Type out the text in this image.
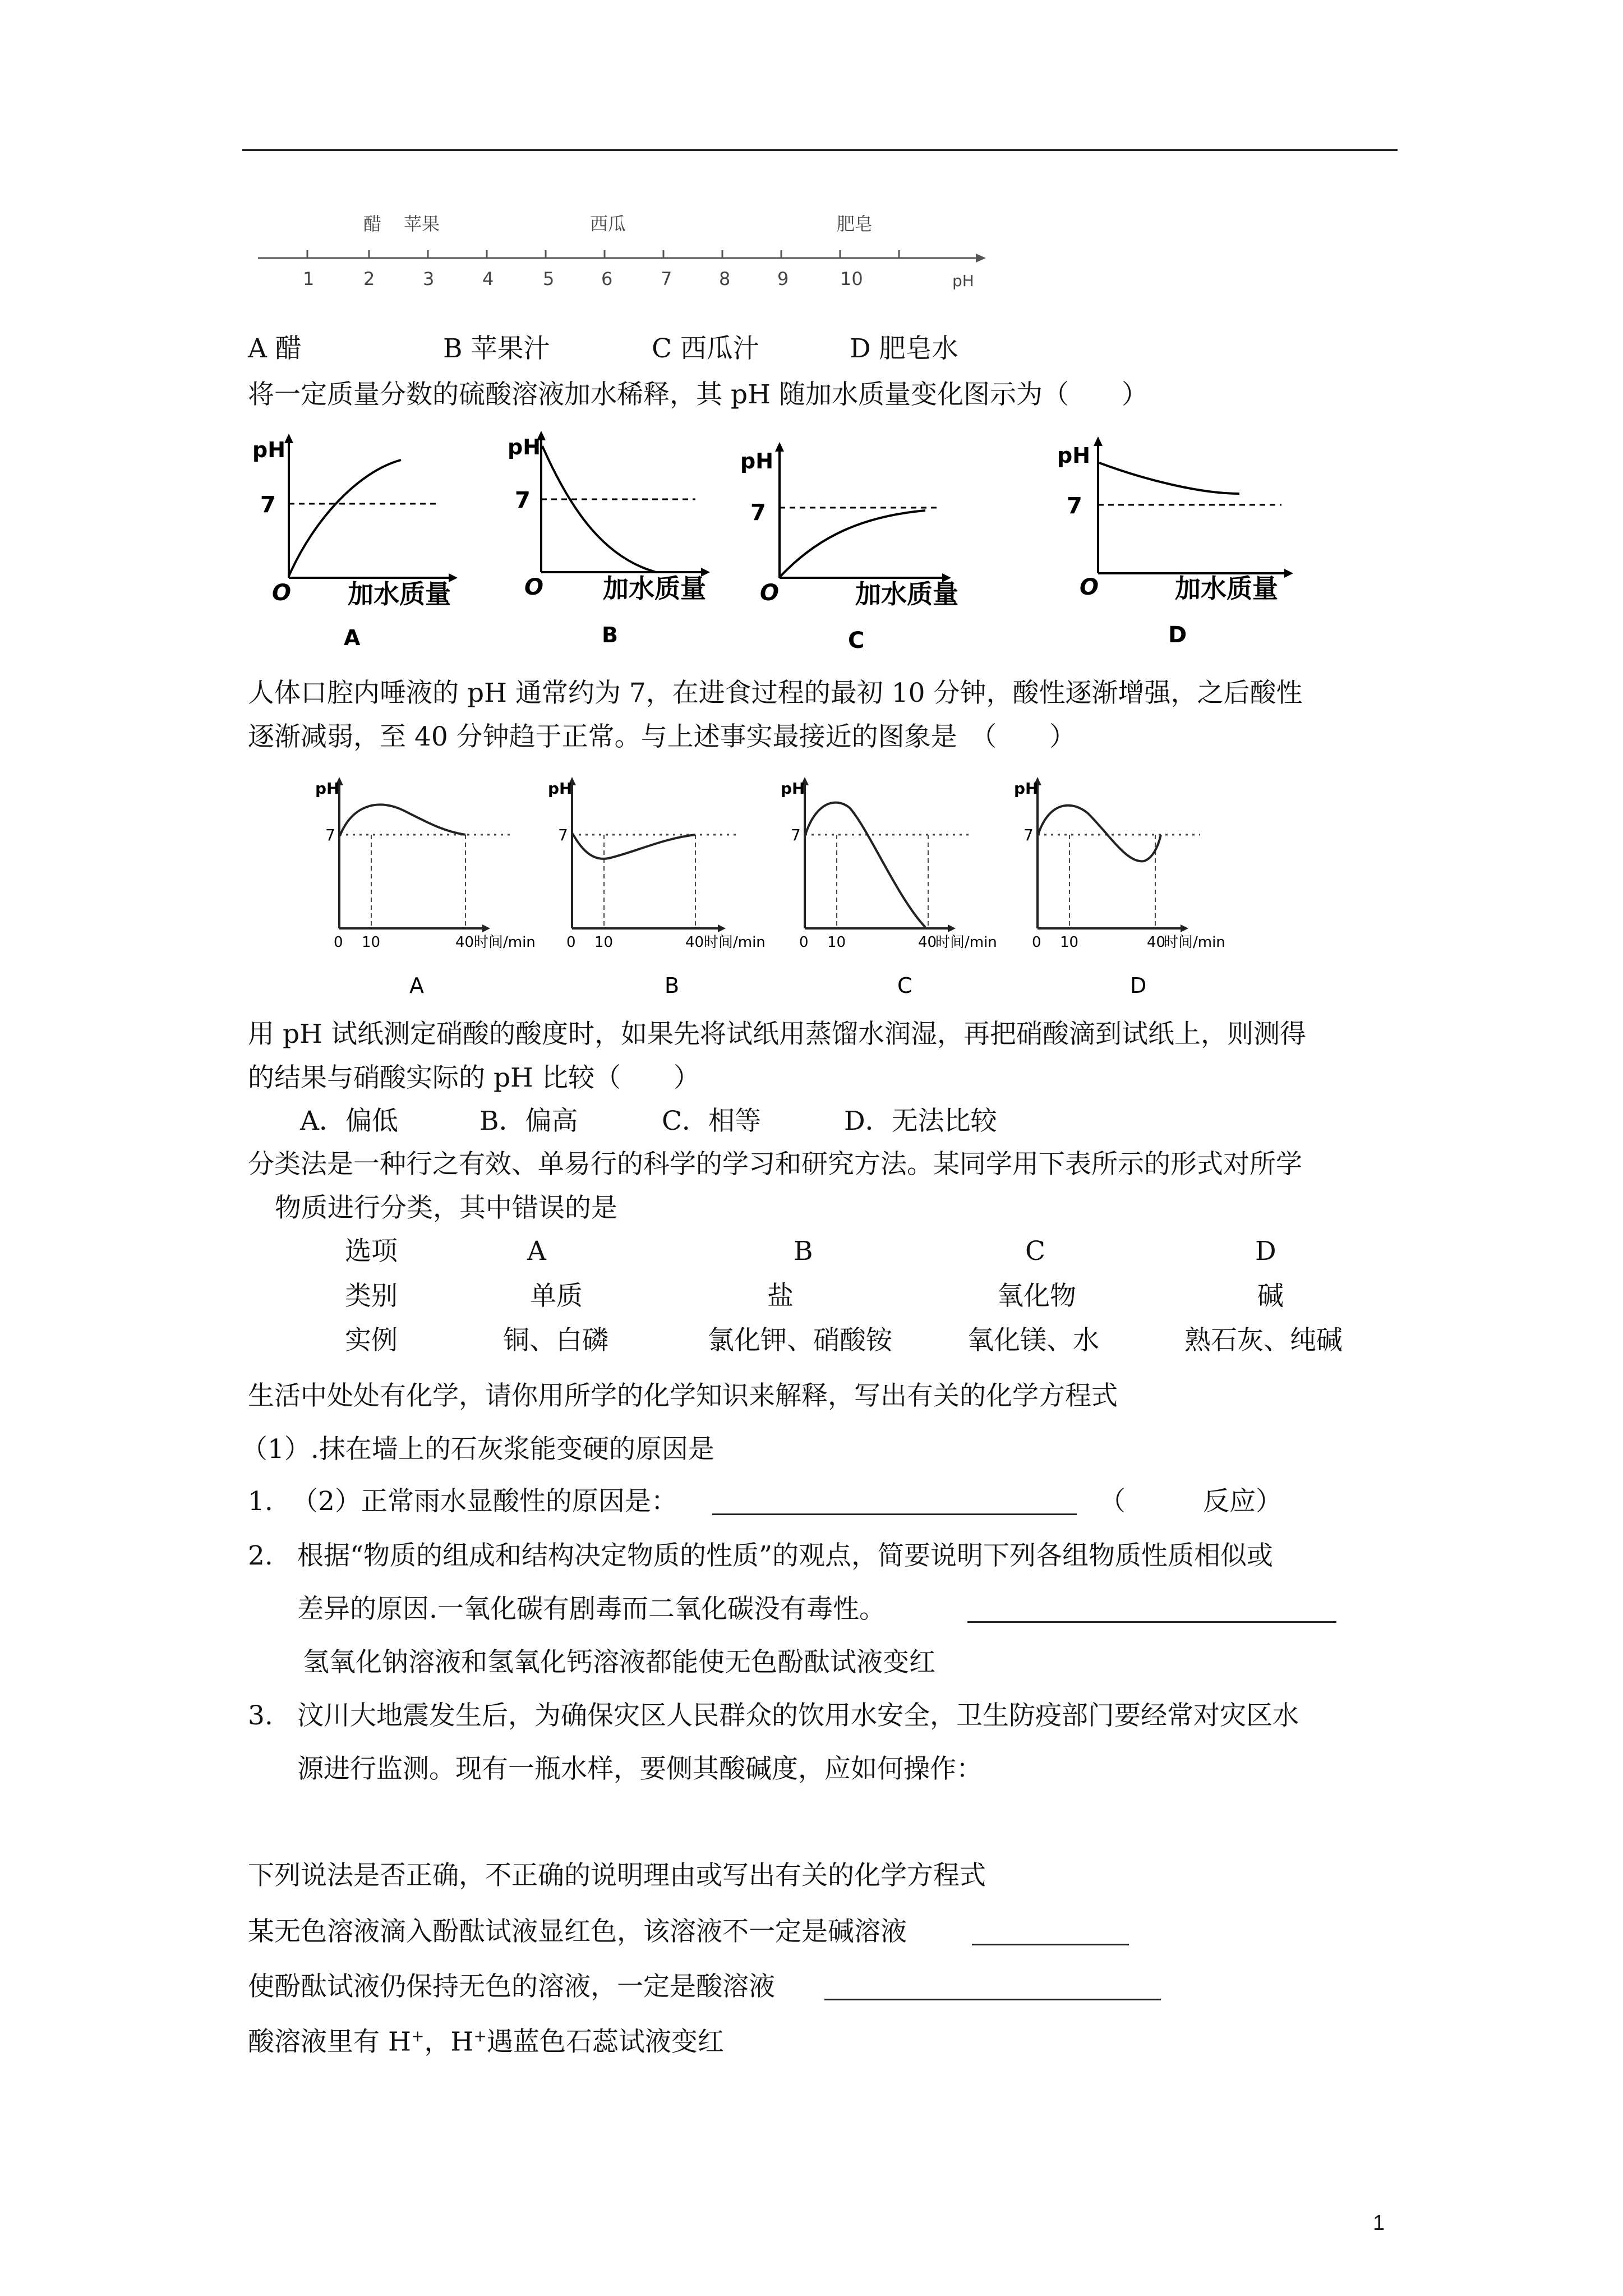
醋 苹果	西瓜	肥皂
1	2	3	4	5	6	7	8	9	10	pH
A 醋	B 苹果汁	C 西瓜汁	D 肥皂水
将一定质量分数的硫酸溶液加水稀释，其 pH 随加水质量变化图示为（　　）
pH
7
O 加水质量
A
pH
7
O 加水质量
B
pH
7
O	加水质量
C
pH
7
O	加水质量
D
人体口腔内唾液的 pH 通常约为 7，在进食过程的最初 10 分钟，酸性逐渐增强，之后酸性
逐渐减弱，至 40 分钟趋于正常。与上述事实最接近的图象是　（　　）
pH
7
0 10	40 时间/min
A
pH
7
0 10	40 时间/min
B
pH
7
0 10	40
时间/min
C
pH
7
0 10	40
时间/min
D
用 pH 试纸测定硝酸的酸度时，如果先将试纸用蒸馏水润湿，再把硝酸滴到试纸上，则测得
的结果与硝酸实际的 pH 比较（　　）
A．偏低	B．偏高	C．相等	D．无法比较
分类法是一种行之有效、单易行的科学的学习和研究方法。某同学用下表所示的形式对所学
物质进行分类，其中错误的是
选项	A	B	C	D
类别	单质	盐	氧化物	碱
实例	铜、白磷	氯化钾、硝酸铵	氧化镁、水	熟石灰、纯碱
生活中处处有化学，请你用所学的化学知识来解释，写出有关的化学方程式
（1）.抹在墙上的石灰浆能变硬的原因是
1. （2）正常雨水显酸性的原因是：	（	反应）
2. 根据“物质的组成和结构决定物质的性质”的观点，简要说明下列各组物质性质相似或
差异的原因.一氧化碳有剧毒而二氧化碳没有毒性。
氢氧化钠溶液和氢氧化钙溶液都能使无色酚酞试液变红
3. 汶川大地震发生后，为确保灾区人民群众的饮用水安全，卫生防疫部门要经常对灾区水
源进行监测。现有一瓶水样，要侧其酸碱度，应如何操作：
下列说法是否正确，不正确的说明理由或写出有关的化学方程式
某无色溶液滴入酚酞试液显红色，该溶液不一定是碱溶液
使酚酞试液仍保持无色的溶液，一定是酸溶液
酸溶液里有 H+，H+遇蓝色石蕊试液变红
1
